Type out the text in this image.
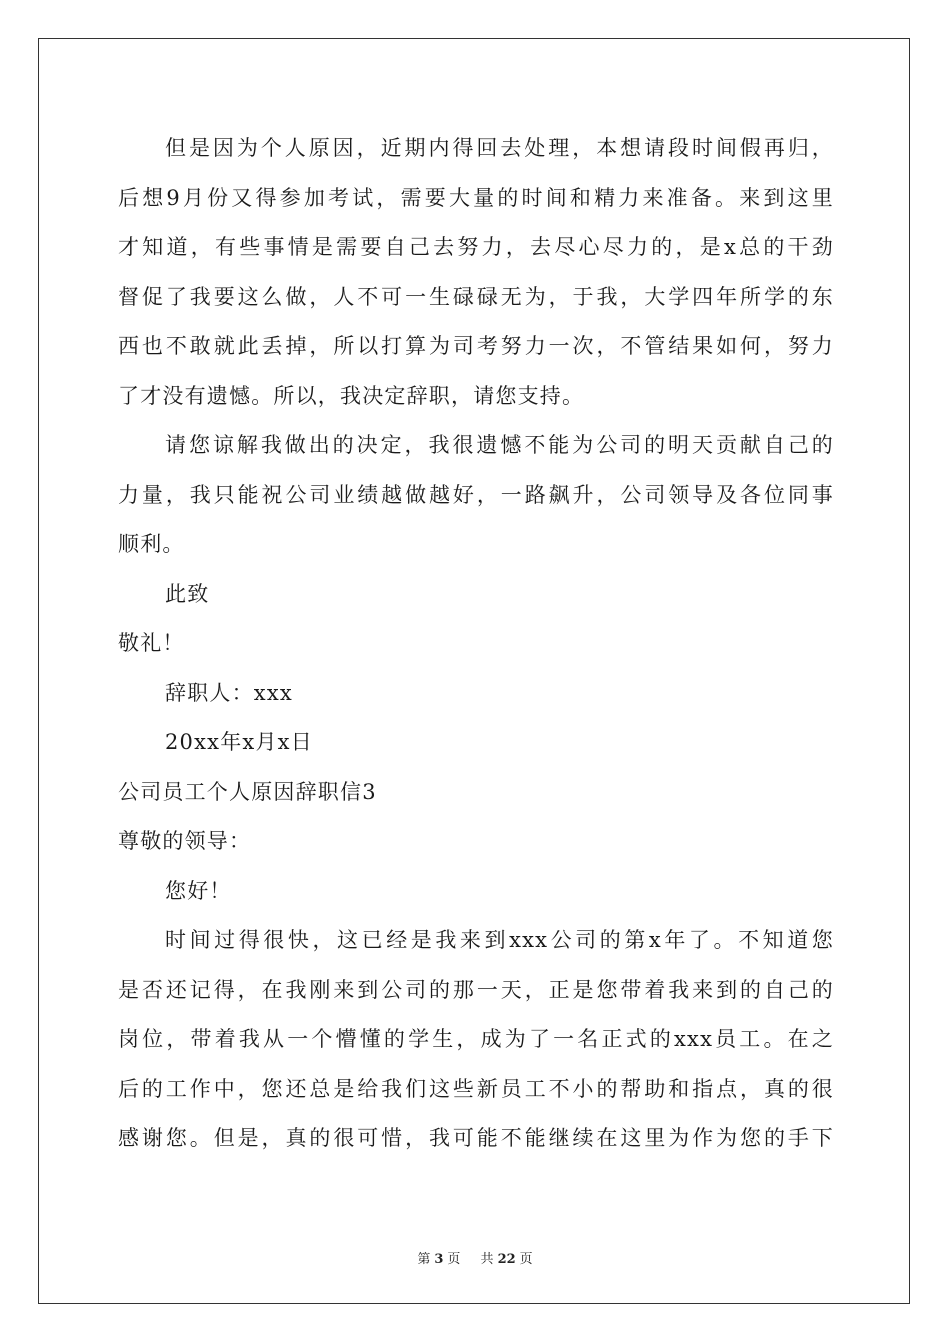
但是因为个人原因，近期内得回去处理，本想请段时间假再归，
后想9月份又得参加考试，需要大量的时间和精力来准备。来到这里
才知道，有些事情是需要自己去努力，去尽心尽力的，是x总的干劲
督促了我要这么做，人不可一生碌碌无为，于我，大学四年所学的东
西也不敢就此丢掉，所以打算为司考努力一次，不管结果如何，努力
了才没有遗憾。所以，我决定辞职，请您支持。
请您谅解我做出的决定，我很遗憾不能为公司的明天贡献自己的
力量，我只能祝公司业绩越做越好，一路飙升，公司领导及各位同事
顺利。
此致
敬礼！
辞职人：xxx
20xx年x月x日
公司员工个人原因辞职信3
尊敬的领导：
您好！
时间过得很快，这已经是我来到xxx公司的第x年了。不知道您
是否还记得，在我刚来到公司的那一天，正是您带着我来到的自己的
岗位，带着我从一个懵懂的学生，成为了一名正式的xxx员工。在之
后的工作中，您还总是给我们这些新员工不小的帮助和指点，真的很
感谢您。但是，真的很可惜，我可能不能继续在这里为作为您的手下
第 3 页 共 22 页
